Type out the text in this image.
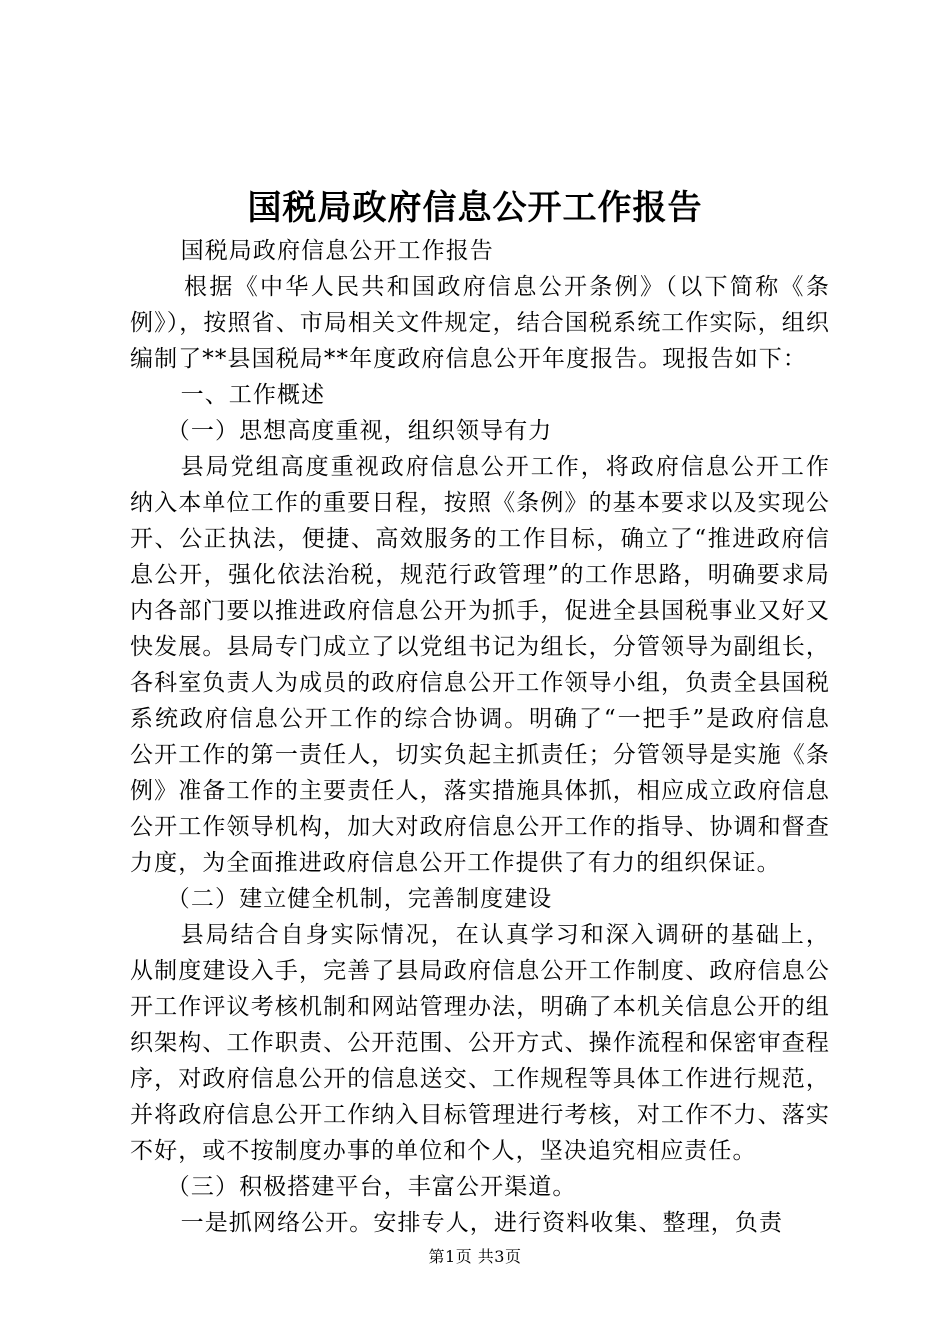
国税局政府信息公开工作报告

国税局政府信息公开工作报告

根据《中华人民共和国政府信息公开条例》（以下简称《条例》），按照省、市局相关文件规定，结合国税系统工作实际，组织编制了**县国税局**年度政府信息公开年度报告。现报告如下：

一、工作概述

（一）思想高度重视，组织领导有力

县局党组高度重视政府信息公开工作，将政府信息公开工作纳入本单位工作的重要日程，按照《条例》的基本要求以及实现公开、公正执法，便捷、高效服务的工作目标，确立了“推进政府信息公开，强化依法治税，规范行政管理”的工作思路，明确要求局内各部门要以推进政府信息公开为抓手，促进全县国税事业又好又快发展。县局专门成立了以党组书记为组长，分管领导为副组长，各科室负责人为成员的政府信息公开工作领导小组，负责全县国税系统政府信息公开工作的综合协调。明确了“一把手”是政府信息公开工作的第一责任人，切实负起主抓责任；分管领导是实施《条例》准备工作的主要责任人，落实措施具体抓，相应成立政府信息公开工作领导机构，加大对政府信息公开工作的指导、协调和督查力度，为全面推进政府信息公开工作提供了有力的组织保证。

（二）建立健全机制，完善制度建设

县局结合自身实际情况，在认真学习和深入调研的基础上，从制度建设入手，完善了县局政府信息公开工作制度、政府信息公开工作评议考核机制和网站管理办法，明确了本机关信息公开的组织架构、工作职责、公开范围、公开方式、操作流程和保密审查程序，对政府信息公开的信息送交、工作规程等具体工作进行规范，并将政府信息公开工作纳入目标管理进行考核，对工作不力、落实不好，或不按制度办事的单位和个人，坚决追究相应责任。

（三）积极搭建平台，丰富公开渠道。

一是抓网络公开。安排专人，进行资料收集、整理，负责

第1页 共3页
